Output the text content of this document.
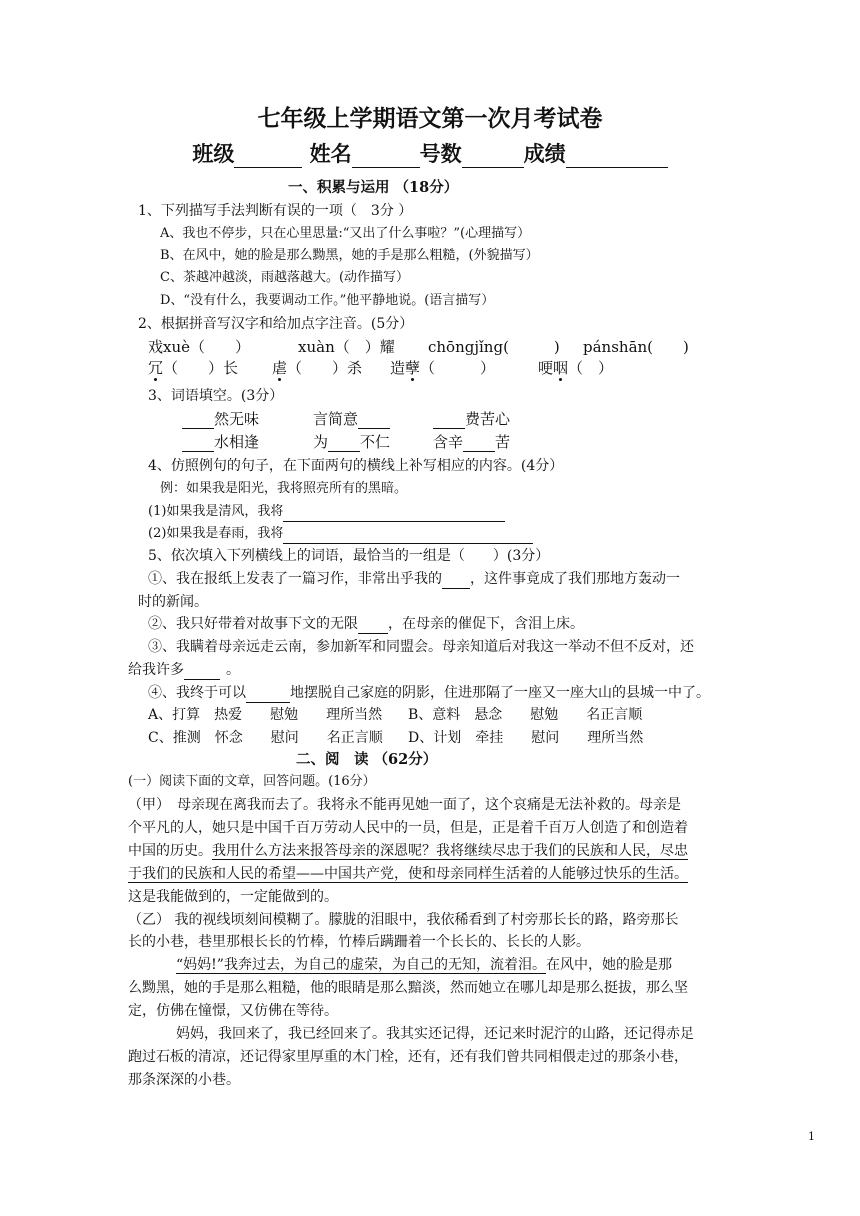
七年级上学期语文第一次月考试卷
班级	姓名	号数	成绩
一、积累与运用 （18分）
1、下列描写手法判断有误的一项（　3分 ）
A、我也不停步，只在心里思量:“又出了什么事啦？”(心理描写）
B、在风中，她的脸是那么黝黑，她的手是那么粗糙，(外貌描写）
C、茶越冲越淡，雨越落越大。(动作描写）
D、“没有什么，我要调动工作。”他平静地说。(语言描写）
2、根据拼音写汉字和给加点字注音。(5分）
戏xuè（　　）	xuàn（　）耀 chōngjǐng(　　　) pánshān(　　)
冗（　　）长 虐（　　）杀 造孽（　　　）	哽咽（　）
3、词语填空。(3分）
然无味	言简意	费苦心
水相逢	为 不仁	含辛 苦
4、仿照例句的句子，在下面两句的横线上补写相应的内容。(4分）
例：如果我是阳光，我将照亮所有的黑暗。
(1)如果我是清风，我将
(2)如果我是春雨，我将
5、依次填入下列横线上的词语，最恰当的一组是（　　）(3分）
①、我在报纸上发表了一篇习作，非常出乎我的 ，这件事竟成了我们那地方轰动一
时的新闻。
②、我只好带着对故事下文的无限 ，在母亲的催促下，含泪上床。
③、我瞒着母亲远走云南，参加新军和同盟会。母亲知道后对我这一举动不但不反对，还
给我许多	。
④、我终于可以	地摆脱自己家庭的阴影，住进那隔了一座又一座大山的县城一中了。
A、打算　热爱　　慰勉　　理所当然 B、意料　悬念　　慰勉　　名正言顺
C、推测　怀念　　慰问　　名正言顺 D、计划　牵挂　　慰问　　理所当然
二、阅　读 （62分）
(一）阅读下面的文章，回答问题。(16分）
（甲）　母亲现在离我而去了。我将永不能再见她一面了，这个哀痛是无法补救的。母亲是
个平凡的人，她只是中国千百万劳动人民中的一员，但是，正是着千百万人创造了和创造着
中国的历史。我用什么方法来报答母亲的深恩呢？我将继续尽忠于我们的民族和人民，尽忠
于我们的民族和人民的希望——中国共产党，使和母亲同样生活着的人能够过快乐的生活。
这是我能做到的，一定能做到的。
（乙） 我的视线顷刻间模糊了。朦胧的泪眼中，我依稀看到了村旁那长长的路，路旁那长
长的小巷，巷里那根长长的竹棒，竹棒后蹒跚着一个长长的、长长的人影。
“妈妈!”我奔过去，为自己的虚荣，为自己的无知，流着泪。在风中，她的脸是那
么黝黑，她的手是那么粗糙，他的眼睛是那么黯淡，然而她立在哪儿却是那么挺拔，那么坚
定，仿佛在憧憬，又仿佛在等待。
妈妈，我回来了，我已经回来了。我其实还记得，还记来时泥泞的山路，还记得赤足
跑过石板的清凉，还记得家里厚重的木门栓，还有，还有我们曾共同相偎走过的那条小巷，
那条深深的小巷。
1
